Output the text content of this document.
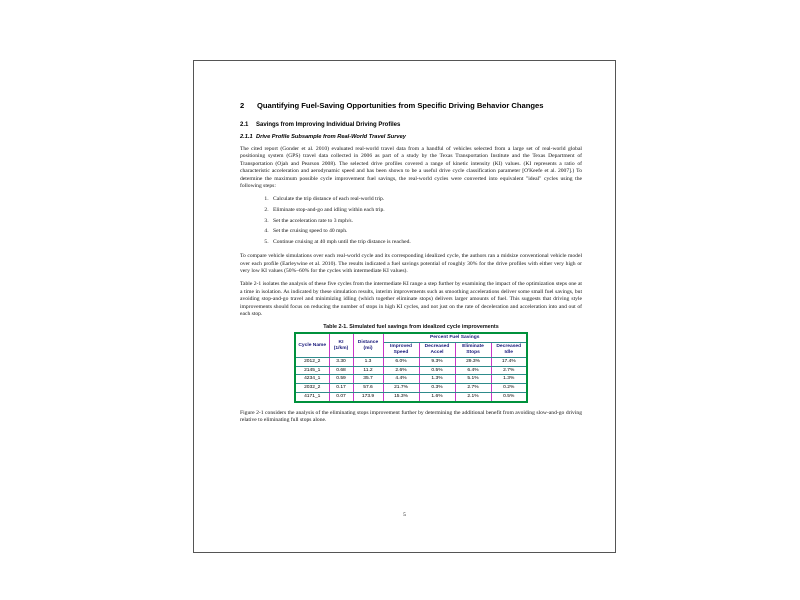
2	Quantifying Fuel-Saving Opportunities from Specific Driving Behavior Changes
2.1	Savings from Improving Individual Driving Profiles
2.1.1 Drive Profile Subsample from Real-World Travel Survey

The cited report (Gonder et al. 2010) evaluated real-world travel data from a handful of vehicles selected from a large set of real-world global positioning system (GPS) travel data collected in 2006 as part of a study by the Texas Transportation Institute and the Texas Department of Transportation (Ojah and Pearson 2008). The selected drive profiles covered a range of kinetic intensity (KI) values. (KI represents a ratio of characteristic acceleration and aerodynamic speed and has been shown to be a useful drive cycle classification parameter [O'Keefe et al. 2007].) To determine the maximum possible cycle improvement fuel savings, the real-world cycles were converted into equivalent "ideal" cycles using the following steps:

1. Calculate the trip distance of each real-world trip.
2. Eliminate stop-and-go and idling within each trip.
3. Set the acceleration rate to 3 mph/s.
4. Set the cruising speed to 40 mph.
5. Continue cruising at 40 mph until the trip distance is reached.

To compare vehicle simulations over each real-world cycle and its corresponding idealized cycle, the authors ran a midsize conventional vehicle model over each profile (Earleywine et al. 2010). The results indicated a fuel savings potential of roughly 30% for the drive profiles with either very high or very low KI values (50%–60% for the cycles with intermediate KI values).

Table 2-1 isolates the analysis of these five cycles from the intermediate KI range a step further by examining the impact of the optimization steps one at a time in isolation. As indicated by these simulation results, interim improvements such as smoothing accelerations deliver some small fuel savings, but avoiding stop-and-go travel and minimizing idling (which together eliminate stops) delivers larger amounts of fuel. This suggests that driving style improvements should focus on reducing the number of stops in high KI cycles, and not just on the rate of deceleration and acceleration into and out of each stop.

Table 2-1. Simulated fuel savings from idealized cycle improvements
Cycle Name	KI (1/km)	Distance (mi)	Percent Fuel Savings			
			Improved Speed	Decreased Accel	Eliminate Stops	Decreased Idle
2012_2	3.30	1.3	6.0%	9.3%	29.3%	17.4%
2145_1	0.68	11.2	2.6%	0.5%	6.4%	2.7%
4234_1	0.59	35.7	4.4%	1.3%	5.1%	1.3%
2032_2	0.17	57.6	21.7%	0.3%	2.7%	0.2%
4171_1	0.07	173.9	15.3%	1.6%	2.1%	0.5%

Figure 2-1 considers the analysis of the eliminating stops improvement further by determining the additional benefit from avoiding slow-and-go driving relative to eliminating full stops alone.

5
